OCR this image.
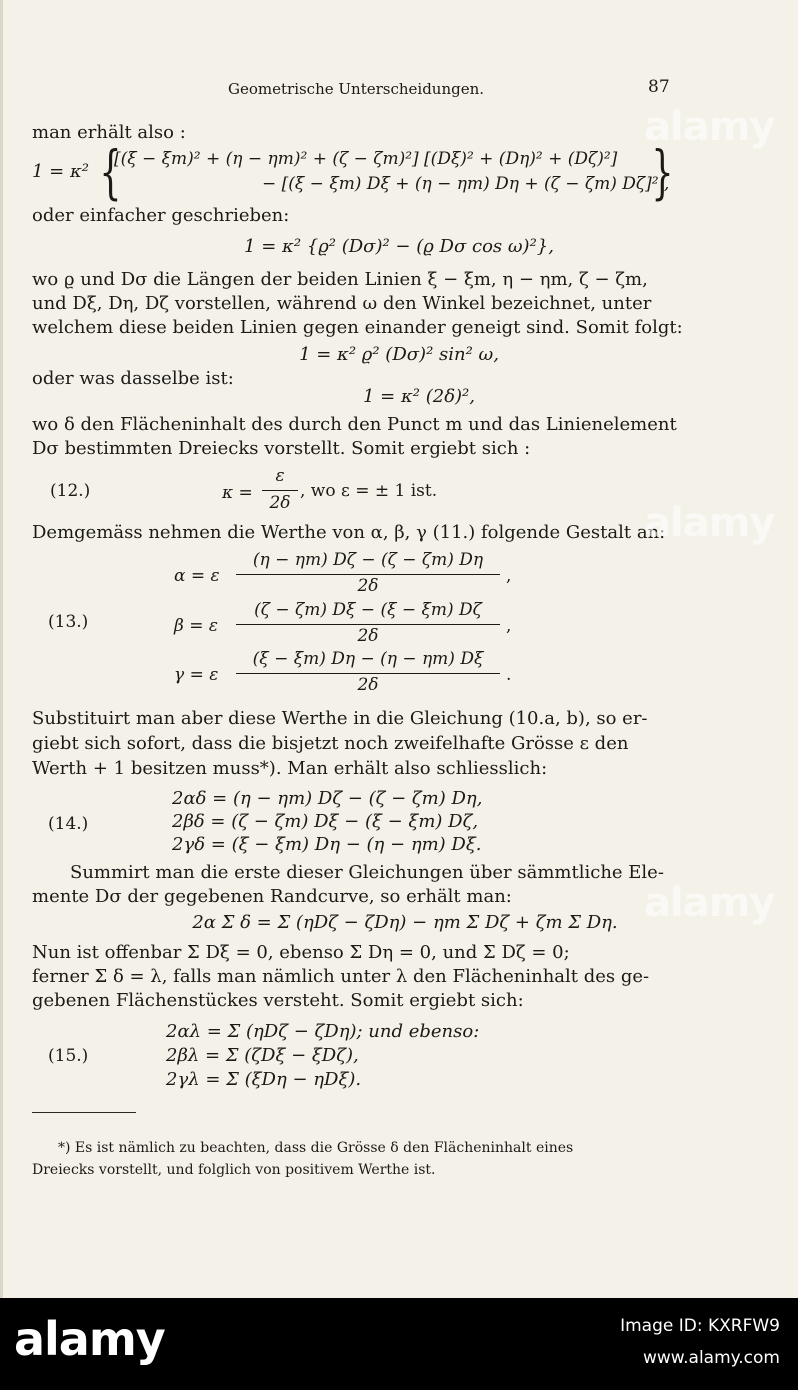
Geometrische Unterscheidungen.	87
man erhält also :
1 = κ² {
[(ξ − ξm)² + (η − ηm)² + (ζ − ζm)²] [(Dξ)² + (Dη)² + (Dζ)²]
− [(ξ − ξm) Dξ + (η − ηm) Dη + (ζ − ζm) Dζ]² ,
}
oder einfacher geschrieben:
1 = κ² {ϱ² (Dσ)² − (ϱ Dσ cos ω)²},
wo ϱ und Dσ die Längen der beiden Linien ξ − ξm, η − ηm, ζ − ζm,
und Dξ, Dη, Dζ vorstellen, während ω den Winkel bezeichnet, unter
welchem diese beiden Linien gegen einander geneigt sind. Somit folgt:
1 = κ² ϱ² (Dσ)² sin² ω,
oder was dasselbe ist:
1 = κ² (2δ)²,
wo δ den Flächeninhalt des durch den Punct m und das Linienelement
Dσ bestimmten Dreiecks vorstellt. Somit ergiebt sich :
(12.)	κ =
ε
2δ
, wo ε = ± 1 ist.
Demgemäss nehmen die Werthe von α, β, γ (11.) folgende Gestalt an:
(13.)
α = ε
(η − ηm) Dζ − (ζ − ζm) Dη
2δ	,
β = ε
(ζ − ζm) Dξ − (ξ − ξm) Dζ
2δ	,
γ = ε
(ξ − ξm) Dη − (η − ηm) Dξ
2δ	.
Substituirt man aber diese Werthe in die Gleichung (10.a, b), so er-
giebt sich sofort, dass die bisjetzt noch zweifelhafte Grösse ε den
Werth + 1 besitzen muss*). Man erhält also schliesslich:
(14.)
2αδ = (η − ηm) Dζ − (ζ − ζm) Dη,
2βδ = (ζ − ζm) Dξ − (ξ − ξm) Dζ,
2γδ = (ξ − ξm) Dη − (η − ηm) Dξ.
Summirt man die erste dieser Gleichungen über sämmtliche Ele-
mente Dσ der gegebenen Randcurve, so erhält man:
2α Σ δ = Σ (ηDζ − ζDη) − ηm Σ Dζ + ζm Σ Dη.
Nun ist offenbar Σ Dξ = 0, ebenso Σ Dη = 0, und Σ Dζ = 0;
ferner Σ δ = λ, falls man nämlich unter λ den Flächeninhalt des ge-
gebenen Flächenstückes versteht. Somit ergiebt sich:
(15.)
2αλ = Σ (ηDζ − ζDη); und ebenso:
2βλ = Σ (ζDξ − ξDζ),
2γλ = Σ (ξDη − ηDξ).
*) Es ist nämlich zu beachten, dass die Grösse δ den Flächeninhalt eines
Dreiecks vorstellt, und folglich von positivem Werthe ist.
alamy
alamy
alamy
alamy	Image ID: KXRFW9
www.alamy.com
